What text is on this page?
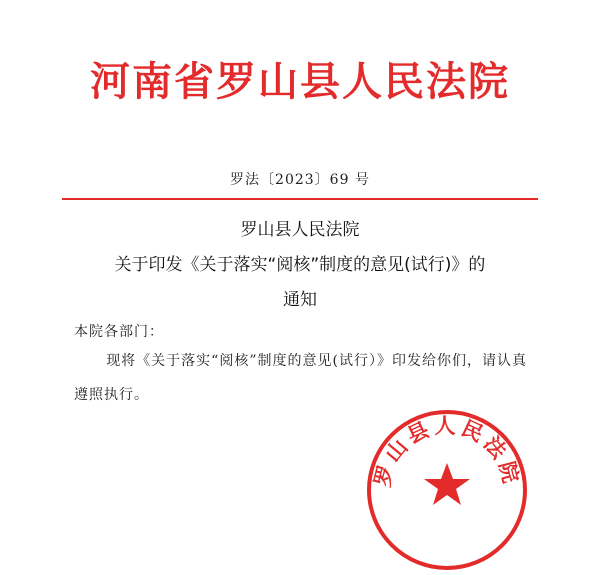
河南省罗山县人民法院
罗法〔2023〕69 号
罗山县人民法院
关于印发《关于落实“阅核”制度的意见(试行)》的
通知
本院各部门：
现将《关于落实“阅核”制度的意见(试行）》印发给你们，请认真遵照执行。
罗山县人民法院
